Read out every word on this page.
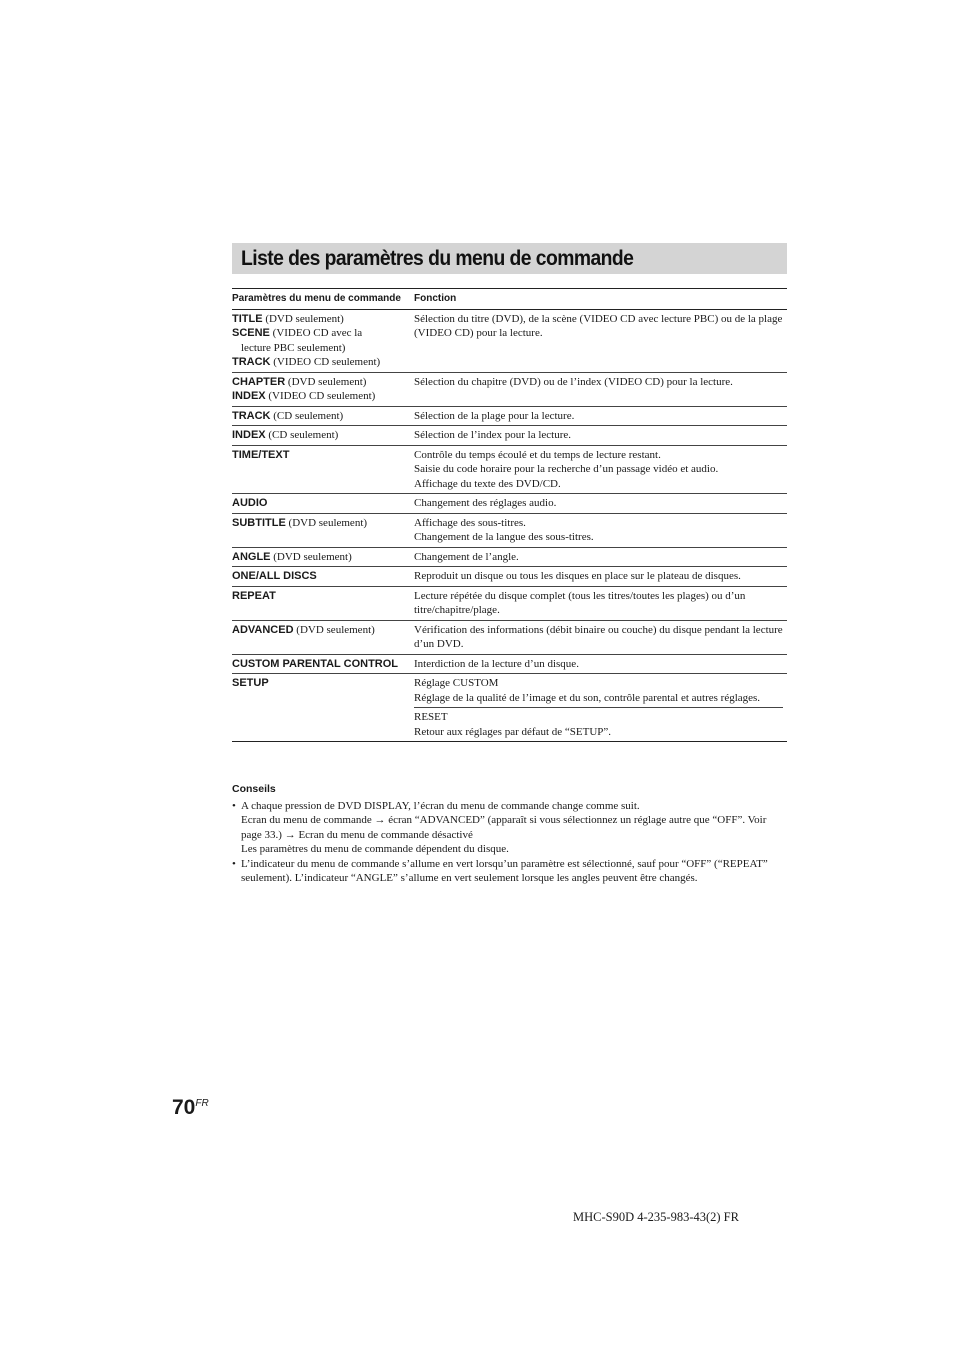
Liste des paramètres du menu de commande
Paramètres du menu de commande	Fonction

TITLE (DVD seulement)
SCENE (VIDEO CD avec la
lecture PBC seulement)
TRACK (VIDEO CD seulement)	Sélection du titre (DVD), de la scène (VIDEO CD avec lecture PBC) ou de la plage (VIDEO CD) pour la lecture.

CHAPTER (DVD seulement)
INDEX (VIDEO CD seulement)	Sélection du chapitre (DVD) ou de l’index (VIDEO CD) pour la lecture.

TRACK (CD seulement)	Sélection de la plage pour la lecture.

INDEX (CD seulement)	Sélection de l’index pour la lecture.

TIME/TEXT	Contrôle du temps écoulé et du temps de lecture restant.
Saisie du code horaire pour la recherche d’un passage vidéo et audio.
Affichage du texte des DVD/CD.

AUDIO	Changement des réglages audio.

SUBTITLE (DVD seulement)	Affichage des sous-titres.
Changement de la langue des sous-titres.

ANGLE (DVD seulement)	Changement de l’angle.

ONE/ALL DISCS	Reproduit un disque ou tous les disques en place sur le plateau de disques.

REPEAT	Lecture répétée du disque complet (tous les titres/toutes les plages) ou d’un titre/chapitre/plage.

ADVANCED (DVD seulement)	Vérification des informations (débit binaire ou couche) du disque pendant la lecture d’un DVD.

CUSTOM PARENTAL CONTROL	Interdiction de la lecture d’un disque.

SETUP	Réglage CUSTOM
Réglage de la qualité de l’image et du son, contrôle parental et autres réglages.
RESET
Retour aux réglages par défaut de “SETUP”.
Conseils
• A chaque pression de DVD DISPLAY, l’écran du menu de commande change comme suit.
Ecran du menu de commande → écran “ADVANCED” (apparaît si vous sélectionnez un réglage autre que “OFF”. Voir page 33.) → Ecran du menu de commande désactivé
Les paramètres du menu de commande dépendent du disque.
• L’indicateur du menu de commande s’allume en vert lorsqu’un paramètre est sélectionné, sauf pour “OFF” (“REPEAT” seulement). L’indicateur “ANGLE” s’allume en vert seulement lorsque les angles peuvent être changés.
$70^{FR}$
MHC-S90D 4-235-983-43(2) FR
